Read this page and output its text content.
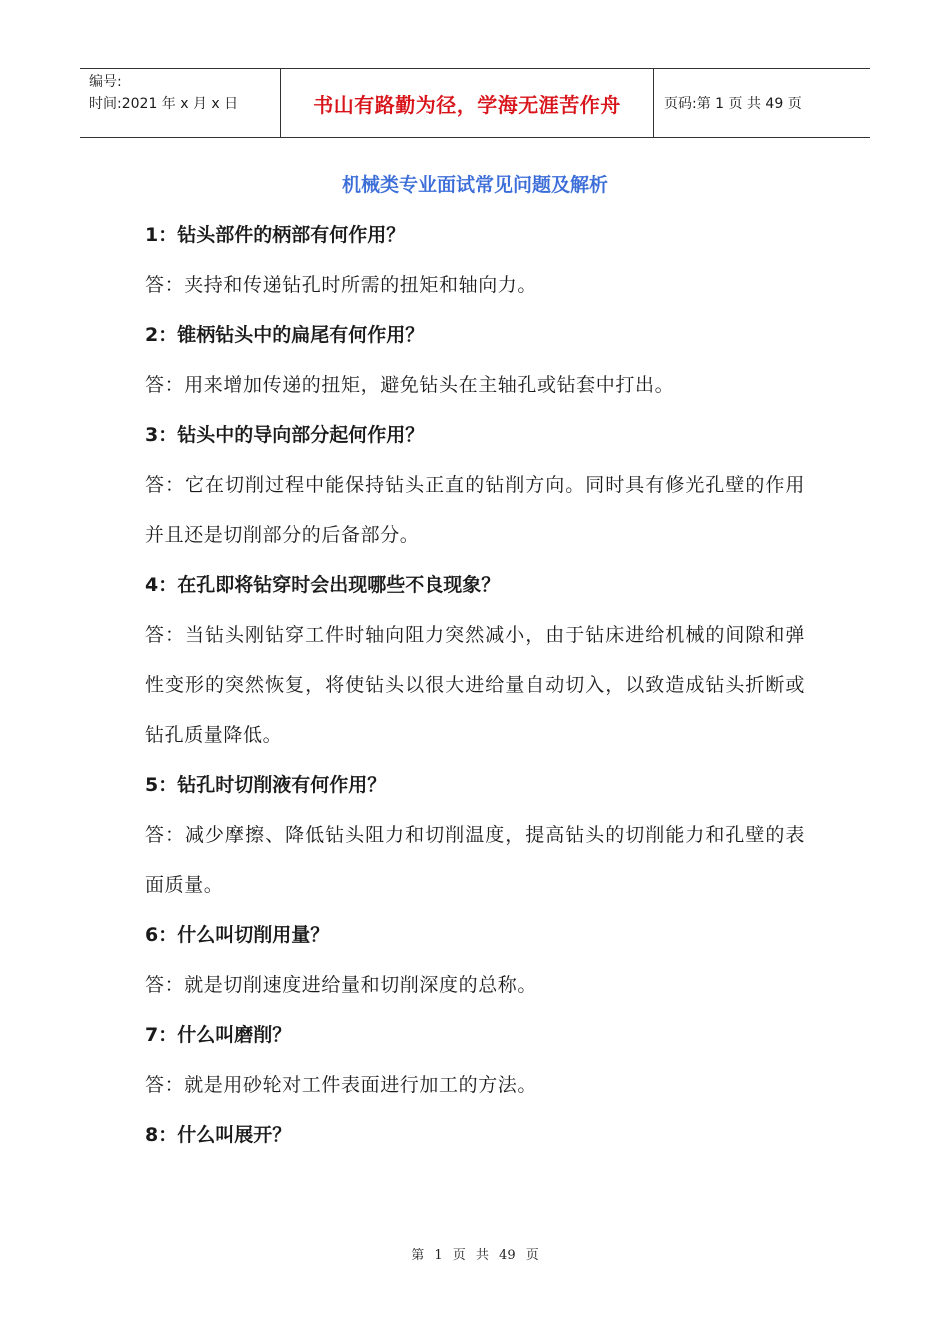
编号:
时间:2021 年 x 月 x 日	书山有路勤为径，学海无涯苦作舟	页码:第 1 页 共 49 页
机械类专业面试常见问题及解析

1：钻头部件的柄部有何作用？

答：夹持和传递钻孔时所需的扭矩和轴向力。

2：锥柄钻头中的扁尾有何作用？

答：用来增加传递的扭矩，避免钻头在主轴孔或钻套中打出。

3：钻头中的导向部分起何作用？

答：它在切削过程中能保持钻头正直的钻削方向。同时具有修光孔壁的作用并且还是切削部分的后备部分。

4：在孔即将钻穿时会出现哪些不良现象？

答：当钻头刚钻穿工件时轴向阻力突然减小，由于钻床进给机械的间隙和弹性变形的突然恢复，将使钻头以很大进给量自动切入，以致造成钻头折断或钻孔质量降低。

5：钻孔时切削液有何作用？

答：减少摩擦、降低钻头阻力和切削温度，提高钻头的切削能力和孔壁的表面质量。

6：什么叫切削用量？

答：就是切削速度进给量和切削深度的总称。

7：什么叫磨削？

答：就是用砂轮对工件表面进行加工的方法。

8：什么叫展开？

第 1 页 共 49 页
